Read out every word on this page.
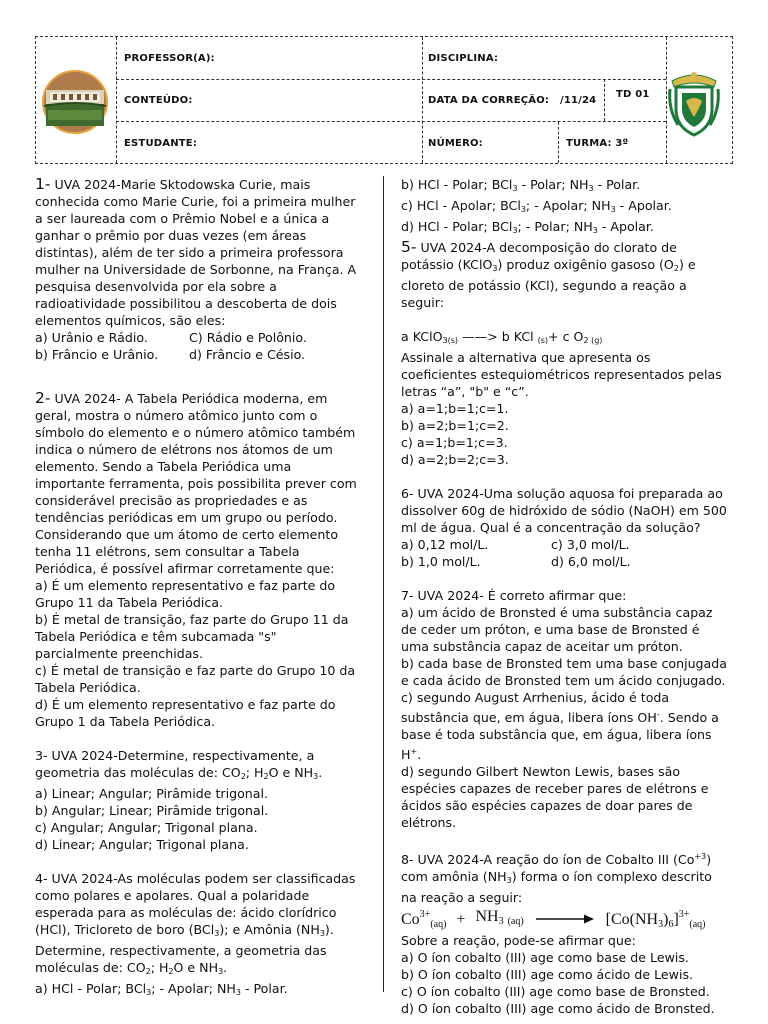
PROFESSOR(A):	DISCIPLINA:
CONTEÚDO:	DATA DA CORREÇÃO: /11/24
TD 01
ESTUDANTE:	NÚMERO:	TURMA: 3º
1- UVA 2024-Marie Sktodowska Curie, mais
conhecida como Marie Curie, foi a primeira mulher
a ser laureada com o Prêmio Nobel e a única a
ganhar o prêmio por duas vezes (em áreas
distintas), além de ter sido a primeira professora
mulher na Universidade de Sorbonne, na França. A
pesquisa desenvolvida por ela sobre a
radioatividade possibilitou a descoberta de dois
elementos químicos, são eles:
a) Urânio e Rádio.	C) Rádio e Polônio.
b) Frâncio e Urânio.	d) Frâncio e Césio.
2- UVA 2024- A Tabela Periódica moderna, em
geral, mostra o número atômico junto com o
símbolo do elemento e o número atômico também
indica o número de elétrons nos átomos de um
elemento. Sendo a Tabela Periódica uma
importante ferramenta, pois possibilita prever com
considerável precisão as propriedades e as
tendências periódicas em um grupo ou período.
Considerando que um átomo de certo elemento
tenha 11 elétrons, sem consultar a Tabela
Periódica, é possível afirmar corretamente que:
a) É um elemento representativo e faz parte do
Grupo 11 da Tabela Periódica.
b) É metal de transição, faz parte do Grupo 11 da
Tabela Periódica e têm subcamada "s"
parcialmente preenchidas.
c) É metal de transição e faz parte do Grupo 10 da
Tabela Periódica.
d) É um elemento representativo e faz parte do
Grupo 1 da Tabela Periódica.
3- UVA 2024-Determine, respectivamente, a
geometria das moléculas de: $CO_2$; $H_2O$ e $NH_3$.
a) Linear; Angular; Pirâmide trigonal.
b) Angular; Linear; Pirâmide trigonal.
c) Angular; Angular; Trigonal plana.
d) Linear; Angular; Trigonal plana.
4- UVA 2024-As moléculas podem ser classificadas
como polares e apolares. Qual a polaridade
esperada para as moléculas de: ácido clorídrico
(HCl), Tricloreto de boro (BCl$_3$); e Amônia $(NH_3)$.
Determine, respectivamente, a geometria das
moléculas de: $CO_2$; $H_2O$ e $NH_3$.
a) HCl - Polar; BCl$_3$; - Apolar; $NH_3$ - Polar.
b) HCl - Polar; BCl$_3$ - Polar; $NH_3$ - Polar.
c) HCl - Apolar; BCl$_3$; - Apolar; $NH_3$ - Apolar.
d) HCl - Polar; BCl$_3$; - Polar; $NH_3$ - Apolar.
5- UVA 2024-A decomposição do clorato de
potássio (KClO$_3$) produz oxigênio gasoso $(O_2)$ e
cloreto de potássio (KCl), segundo a reação a
seguir:
a KClO$_{3(s)}$ ——> b KCl $_{(s)}$+ c $O_{2 (g)}$
Assinale a alternativa que apresenta os
coeficientes estequiométricos representados pelas
letras “a”, "b" e “c”.
a) a=1;b=1;c=1.
b) a=2;b=1;c=2.
c) a=1;b=1;c=3.
d) a=2;b=2;c=3.
6- UVA 2024-Uma solução aquosa foi preparada ao
dissolver 60g de hidróxido de sódio (NaOH) em 500
ml de água. Qual é a concentração da solução?
a) 0,12 mol/L.	c) 3,0 mol/L.
b) 1,0 mol/L.	d) 6,0 mol/L.
7- UVA 2024- É correto afirmar que:
a) um ácido de Bronsted é uma substância capaz
de ceder um próton, e uma base de Bronsted é
uma substância capaz de aceitar um próton.
b) cada base de Bronsted tem uma base conjugada
e cada ácido de Bronsted tem um ácido conjugado.
c) segundo August Arrhenius, ácido é toda
substância que, em água, libera íons OH-. Sendo a
base é toda substância que, em água, libera íons
H+.
d) segundo Gilbert Newton Lewis, bases são
espécies capazes de receber pares de elétrons e
ácidos são espécies capazes de doar pares de
elétrons.
8- UVA 2024-A reação do íon de Cobalto III $(Co^{+3})$
com amônia $(NH_3)$ forma o íon complexo descrito
na reação a seguir:
$Co^{3+}(aq) + NH3$ $(aq) \to [Co(NH3)6]^{3+}(aq)$
Sobre a reação, pode-se afirmar que:
a) O íon cobalto (III) age como base de Lewis.
b) O íon cobalto (III) age como ácido de Lewis.
c) O íon cobalto (III) age como base de Bronsted.
d) O íon cobalto (III) age como ácido de Bronsted.
